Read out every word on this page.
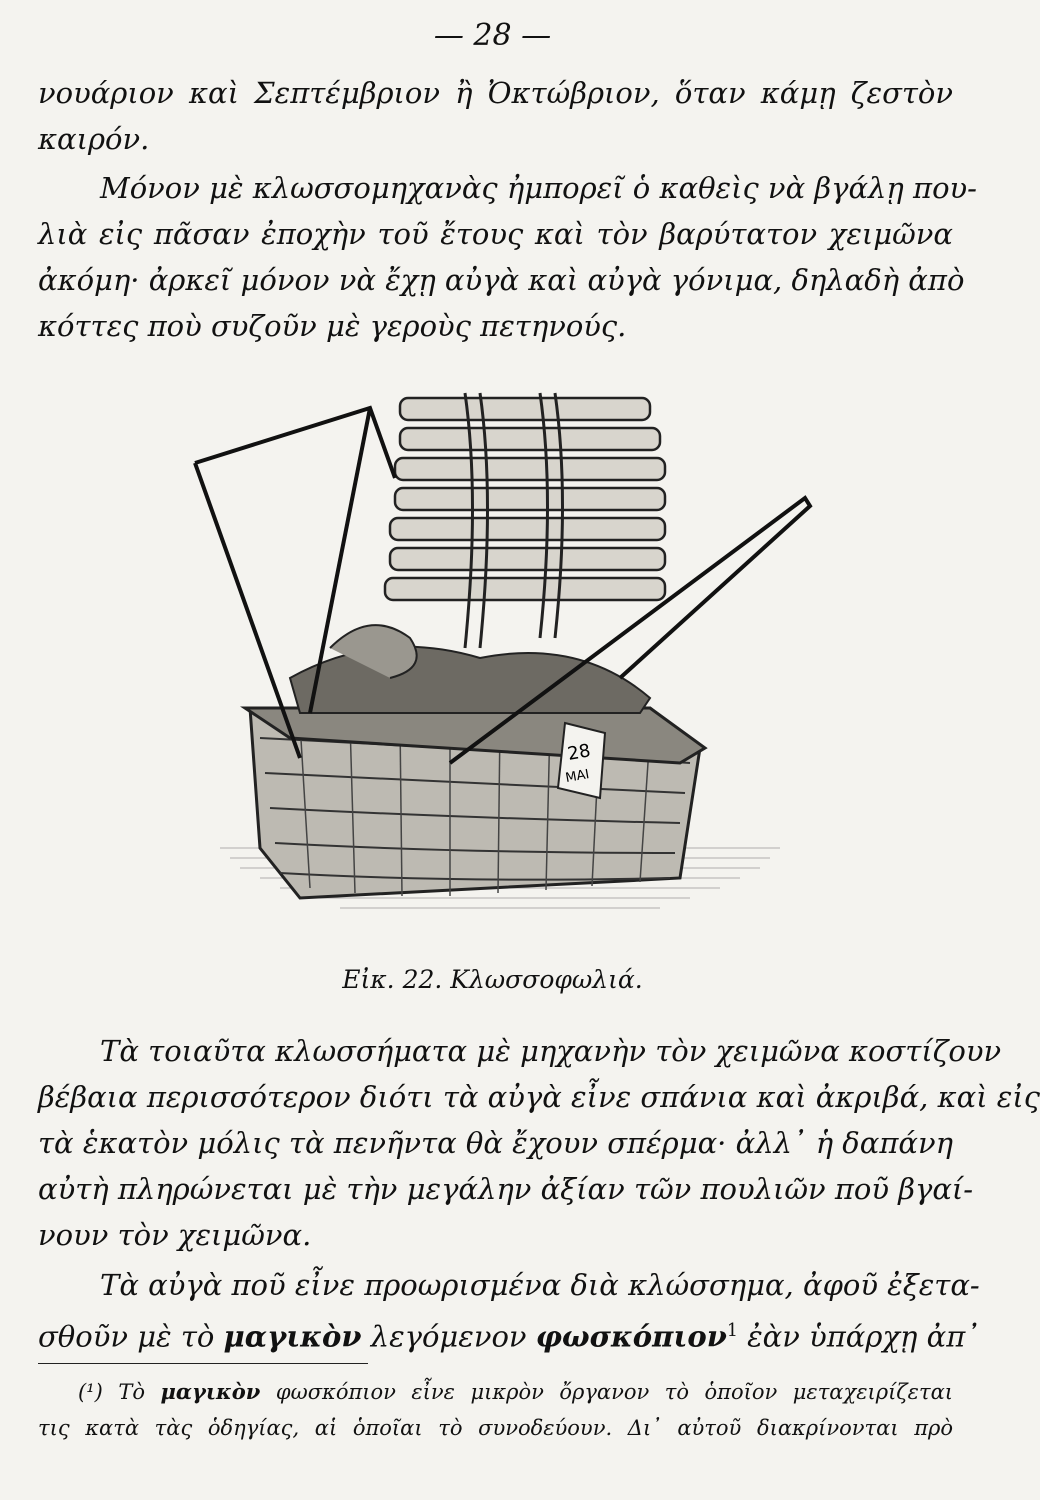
— 28 —
νουάριον καὶ Σεπτέμβριον ἢ Ὀκτώβριον, ὅταν κάμῃ ζεστὸν
καιρόν.
Μόνον μὲ κλωσσομηχανὰς ἠμπορεῖ ὁ καθεὶς νὰ βγάλῃ που-
λιὰ εἰς πᾶσαν ἐποχὴν τοῦ ἔτους καὶ τὸν βαρύτατον χειμῶνα
ἀκόμη· ἀρκεῖ μόνον νὰ ἔχῃ αὐγὰ καὶ αὐγὰ γόνιμα, δηλαδὴ ἀπὸ
κόττες ποὺ συζοῦν μὲ γεροὺς πετηνούς.
28
ΜΑΙ
Εἰκ. 22. Κλωσσοφωλιά.
Τὰ τοιαῦτα κλωσσήματα μὲ μηχανὴν τὸν χειμῶνα κοστίζουν
βέβαια περισσότερον διότι τὰ αὐγὰ εἶνε σπάνια καὶ ἀκριβά, καὶ εἰς
τὰ ἑκατὸν μόλις τὰ πενῆντα θὰ ἔχουν σπέρμα· ἀλλ᾽ ἡ δαπάνη
αὐτὴ πληρώνεται μὲ τὴν μεγάλην ἀξίαν τῶν πουλιῶν ποῦ βγαί-
νουν τὸν χειμῶνα.
Τὰ αὐγὰ ποῦ εἶνε προωρισμένα διὰ κλώσσημα, ἀφοῦ ἐξετα-
σθοῦν μὲ τὸ μαγικὸν λεγόμενον φωσκόπιον$^1$ ἐὰν ὑπάρχῃ ἀπ᾽
(¹) Τὸ μαγικὸν φωσκόπιον εἶνε μικρὸν ὄργανον τὸ ὁποῖον μεταχειρίζεται
τις κατὰ τὰς ὁδηγίας, αἱ ὁποῖαι τὸ συνοδεύουν. Δι᾽ αὐτοῦ διακρίνονται πρὸ
